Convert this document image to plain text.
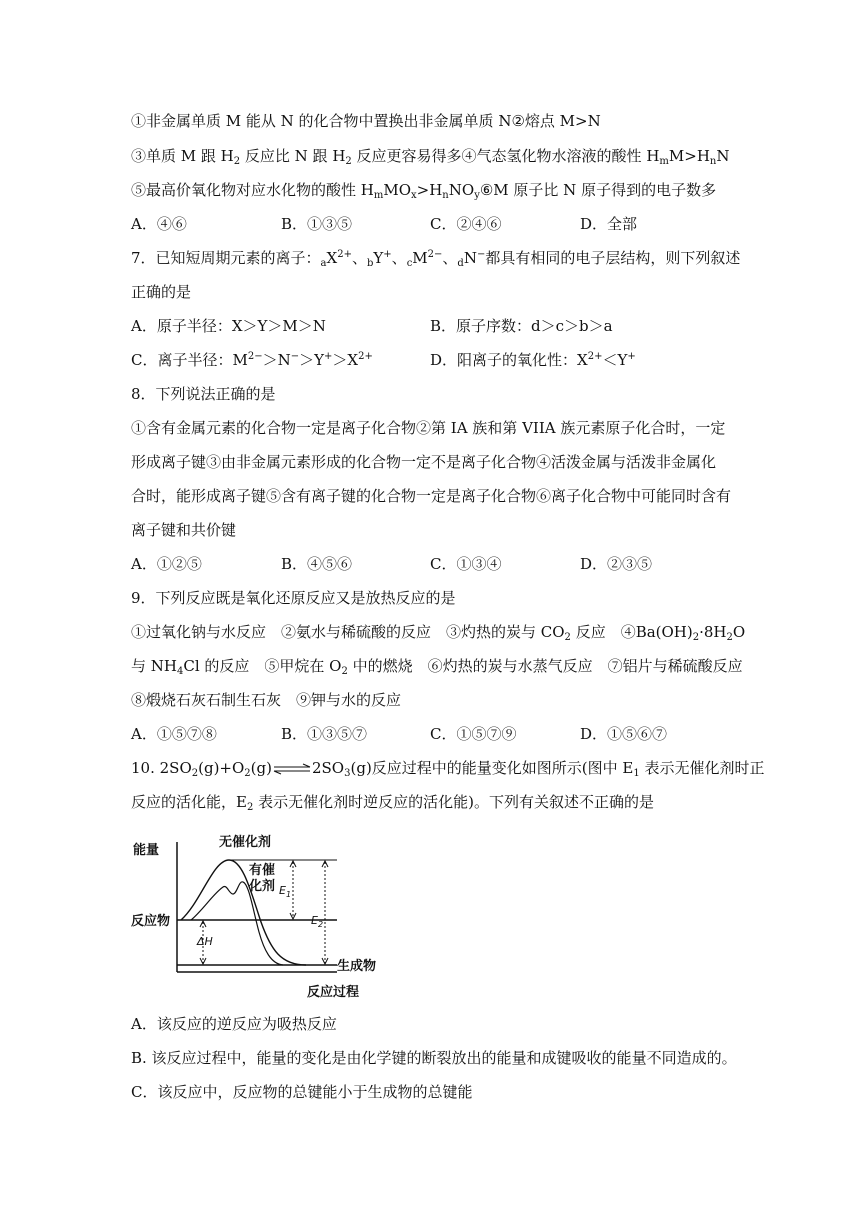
①非金属单质 M 能从 N 的化合物中置换出非金属单质 N②熔点 M>N
③单质 M 跟 $H_2$ 反应比 N 跟 $H_2$ 反应更容易得多④气态氢化物水溶液的酸性 $H_mM>H_nN$
⑤最高价氧化物对应水化物的酸性 $H_mMO_x>H_nNO_y⑥M$ 原子比 N 原子得到的电子数多
A．④⑥	B．①③⑤	C．②④⑥	D．全部
7．已知短周期元素的离子：$_aX^{2+}$、$_b$Y+、$_cM^{2-}$、$_d$N−都具有相同的电子层结构，则下列叙述
正确的是
A．原子半径：X＞Y＞M＞N	B．原子序数：d＞c＞b＞a
C．离子半径：$M^{2-}>N^->Y^+>X^{2+}$	D．阳离子的氧化性：$X^{2+}<Y^+$
8．下列说法正确的是
①含有金属元素的化合物一定是离子化合物②第 IA 族和第 VIIA 族元素原子化合时，一定
形成离子键③由非金属元素形成的化合物一定不是离子化合物④活泼金属与活泼非金属化
合时，能形成离子键⑤含有离子键的化合物一定是离子化合物⑥离子化合物中可能同时含有
离子键和共价键
A．①②⑤	B．④⑤⑥	C．①③④	D．②③⑤
9．下列反应既是氧化还原反应又是放热反应的是
①过氧化钠与水反应　②氨水与稀硫酸的反应　③灼热的炭与 $CO_2$ 反应　$④Ba(OH)_2\cdot 8H_2O$
与 $NH_4Cl$ 的反应　⑤甲烷在 $O_2$ 中的燃烧　⑥灼热的炭与水蒸气反应　⑦铝片与稀硫酸反应
⑧煅烧石灰石制生石灰　⑨钾与水的反应
A．①⑤⑦⑧	B．①③⑤⑦	C．①⑤⑦⑨	D．①⑤⑥⑦
10. $2SO_2(g)+O_2(g)\rightleftharpoons 2SO_3(g)$反应过程中的能量变化如图所示(图中 $E_1$ 表示无催化剂时正
反应的活化能，$E_2$ 表示无催化剂时逆反应的活化能)。下列有关叙述不正确的是
无催化剂
有催
化剂
能量
反应物
生成物
反应过程
$E_1$
$E_2$
ΔH
A．该反应的逆反应为吸热反应
B. 该反应过程中，能量的变化是由化学键的断裂放出的能量和成键吸收的能量不同造成的。
C．该反应中，反应物的总键能小于生成物的总键能
